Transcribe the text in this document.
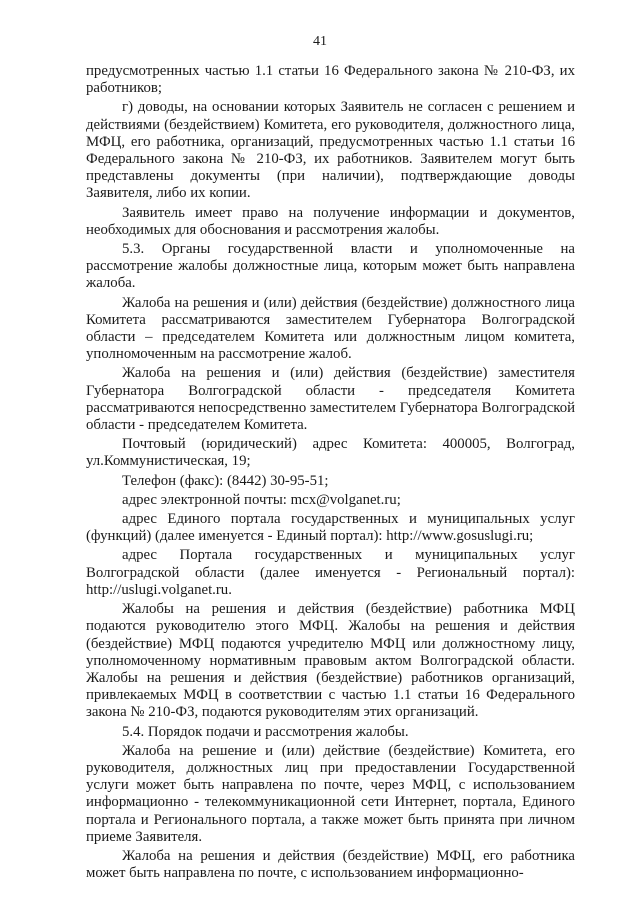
41

предусмотренных частью 1.1 статьи 16 Федерального закона № 210-ФЗ, их работников;

г) доводы, на основании которых Заявитель не согласен с решением и действиями (бездействием) Комитета, его руководителя, должностного лица, МФЦ, его работника, организаций, предусмотренных частью 1.1 статьи 16 Федерального закона № 210-ФЗ, их работников. Заявителем могут быть представлены документы (при наличии), подтверждающие доводы Заявителя, либо их копии.

Заявитель имеет право на получение информации и документов, необходимых для обоснования и рассмотрения жалобы.

5.3. Органы государственной власти и уполномоченные на рассмотрение жалобы должностные лица, которым может быть направлена жалоба.

Жалоба на решения и (или) действия (бездействие) должностного лица Комитета рассматриваются заместителем Губернатора Волгоградской области – председателем Комитета или должностным лицом комитета, уполномоченным на рассмотрение жалоб.

Жалоба на решения и (или) действия (бездействие) заместителя Губернатора Волгоградской области - председателя Комитета рассматриваются непосредственно заместителем Губернатора Волгоградской области - председателем Комитета.

Почтовый (юридический) адрес Комитета: 400005, Волгоград, ул.Коммунистическая, 19;

Телефон (факс): (8442) 30-95-51;

адрес электронной почты: mcx@volganet.ru;

адрес Единого портала государственных и муниципальных услуг (функций) (далее именуется - Единый портал): http://www.gosuslugi.ru;

адрес Портала государственных и муниципальных услуг Волгоградской области (далее именуется - Региональный портал): http://uslugi.volganet.ru.

Жалобы на решения и действия (бездействие) работника МФЦ подаются руководителю этого МФЦ. Жалобы на решения и действия (бездействие) МФЦ подаются учредителю МФЦ или должностному лицу, уполномоченному нормативным правовым актом Волгоградской области. Жалобы на решения и действия (бездействие) работников организаций, привлекаемых МФЦ в соответствии с частью 1.1 статьи 16 Федерального закона № 210-ФЗ, подаются руководителям этих организаций.

5.4. Порядок подачи и рассмотрения жалобы.

Жалоба на решение и (или) действие (бездействие) Комитета, его руководителя, должностных лиц при предоставлении Государственной услуги может быть направлена по почте, через МФЦ, с использованием информационно - телекоммуникационной сети Интернет, портала, Единого портала и Регионального портала, а также может быть принята при личном приеме Заявителя.

Жалоба на решения и действия (бездействие) МФЦ, его работника может быть направлена по почте, с использованием информационно-
